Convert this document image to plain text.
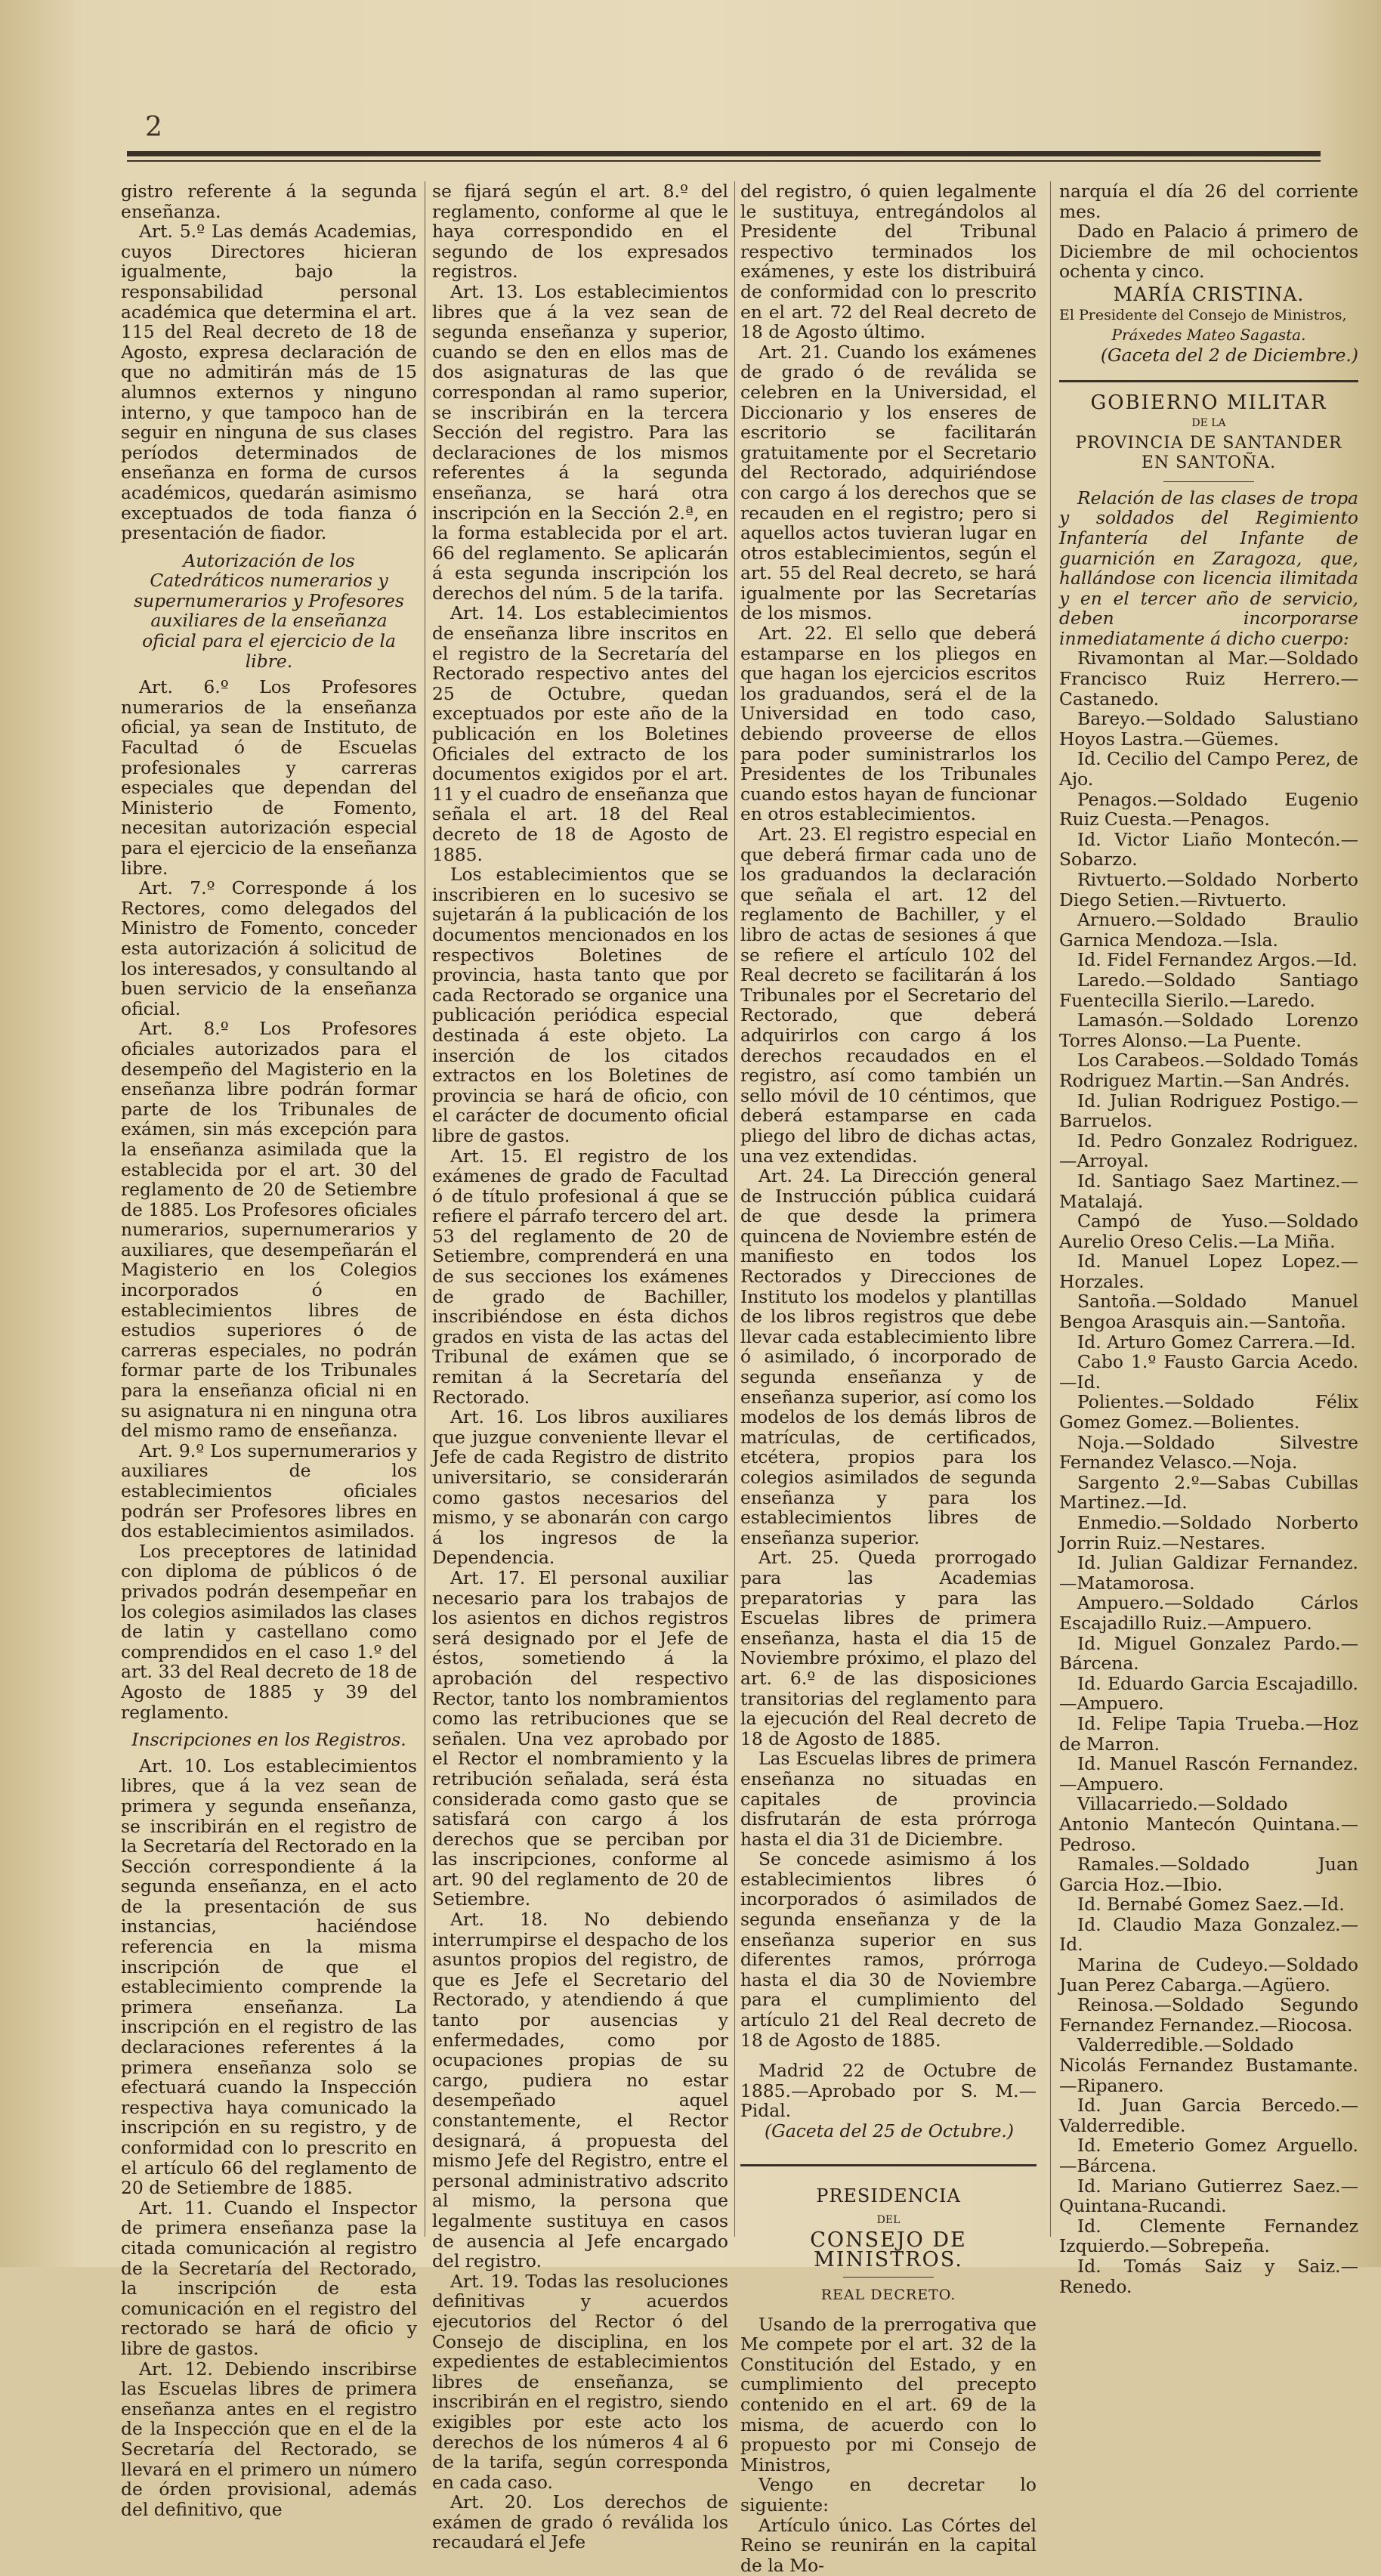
2

gistro referente á la segunda enseñanza.

Art. 5.º Las demás Academias, cuyos Directores hicieran igualmente, bajo la responsabilidad personal académica que determina el art. 115 del Real decreto de 18 de Agosto, expresa declaración de que no admitirán más de 15 alumnos externos y ninguno interno, y que tampoco han de seguir en ninguna de sus clases períodos determinados de enseñanza en forma de cursos académicos, quedarán asimismo exceptuados de toda fianza ó presentación de fiador.

Autorización de los Catedráticos numerarios y supernumerarios y Profesores auxiliares de la enseñanza oficial para el ejercicio de la libre.

Art. 6.º Los Profesores numerarios de la enseñanza oficial, ya sean de Instituto, de Facultad ó de Escuelas profesionales y carreras especiales que dependan del Ministerio de Fomento, necesitan autorización especial para el ejercicio de la enseñanza libre.

Art. 7.º Corresponde á los Rectores, como delegados del Ministro de Fomento, conceder esta autorización á solicitud de los interesados, y consultando al buen servicio de la enseñanza oficial.

Art. 8.º Los Profesores oficiales autorizados para el desempeño del Magisterio en la enseñanza libre podrán formar parte de los Tribunales de exámen, sin más excepción para la enseñanza asimilada que la establecida por el art. 30 del reglamento de 20 de Setiembre de 1885. Los Profesores oficiales numerarios, supernumerarios y auxiliares, que desempeñarán el Magisterio en los Colegios incorporados ó en establecimientos libres de estudios superiores ó de carreras especiales, no podrán formar parte de los Tribunales para la enseñanza oficial ni en su asignatura ni en ninguna otra del mismo ramo de enseñanza.

Art. 9.º Los supernumerarios y auxiliares de los establecimientos oficiales podrán ser Profesores libres en dos establecimientos asimilados.

Los preceptores de latinidad con diploma de públicos ó de privados podrán desempeñar en los colegios asimilados las clases de latin y castellano como comprendidos en el caso 1.º del art. 33 del Real decreto de 18 de Agosto de 1885 y 39 del reglamento.

Inscripciones en los Registros.

Art. 10. Los establecimientos libres, que á la vez sean de primera y segunda enseñanza, se inscribirán en el registro de la Secretaría del Rectorado en la Sección correspondiente á la segunda enseñanza, en el acto de la presentación de sus instancias, haciéndose referencia en la misma inscripción de que el establecimiento comprende la primera enseñanza. La inscripción en el registro de las declaraciones referentes á la primera enseñanza solo se efectuará cuando la Inspección respectiva haya comunicado la inscripción en su registro, y de conformidad con lo prescrito en el artículo 66 del reglamento de 20 de Setiembre de 1885.

Art. 11. Cuando el Inspector de primera enseñanza pase la citada comunicación al registro de la Secretaría del Rectorado, la inscripción de esta comunicación en el registro del rectorado se hará de oficio y libre de gastos.

Art. 12. Debiendo inscribirse las Escuelas libres de primera enseñanza antes en el registro de la Inspección que en el de la Secretaría del Rectorado, se llevará en el primero un número de órden provisional, además del definitivo, que

se fijará según el art. 8.º del reglamento, conforme al que le haya correspondido en el segundo de los expresados registros.

Art. 13. Los establecimientos libres que á la vez sean de segunda enseñanza y superior, cuando se den en ellos mas de dos asignaturas de las que correspondan al ramo superior, se inscribirán en la tercera Sección del registro. Para las declaraciones de los mismos referentes á la segunda enseñanza, se hará otra inscripción en la Sección 2.ª, en la forma establecida por el art. 66 del reglamento. Se aplicarán á esta segunda inscripción los derechos del núm. 5 de la tarifa.

Art. 14. Los establecimientos de enseñanza libre inscritos en el registro de la Secretaría del Rectorado respectivo antes del 25 de Octubre, quedan exceptuados por este año de la publicación en los Boletines Oficiales del extracto de los documentos exigidos por el art. 11 y el cuadro de enseñanza que señala el art. 18 del Real decreto de 18 de Agosto de 1885.

Los establecimientos que se inscribieren en lo sucesivo se sujetarán á la publicación de los documentos mencionados en los respectivos Boletines de provincia, hasta tanto que por cada Rectorado se organice una publicación periódica especial destinada á este objeto. La inserción de los citados extractos en los Boletines de provincia se hará de oficio, con el carácter de documento oficial libre de gastos.

Art. 15. El registro de los exámenes de grado de Facultad ó de título profesional á que se refiere el párrafo tercero del art. 53 del reglamento de 20 de Setiembre, comprenderá en una de sus secciones los exámenes de grado de Bachiller, inscribiéndose en ésta dichos grados en vista de las actas del Tribunal de exámen que se remitan á la Secretaría del Rectorado.

Art. 16. Los libros auxiliares que juzgue conveniente llevar el Jefe de cada Registro de distrito universitario, se considerarán como gastos necesarios del mismo, y se abonarán con cargo á los ingresos de la Dependencia.

Art. 17. El personal auxiliar necesario para los trabajos de los asientos en dichos registros será designado por el Jefe de éstos, sometiendo á la aprobación del respectivo Rector, tanto los nombramientos como las retribuciones que se señalen. Una vez aprobado por el Rector el nombramiento y la retribución señalada, será ésta considerada como gasto que se satisfará con cargo á los derechos que se perciban por las inscripciones, conforme al art. 90 del reglamento de 20 de Setiembre.

Art. 18. No debiendo interrumpirse el despacho de los asuntos propios del registro, de que es Jefe el Secretario del Rectorado, y atendiendo á que tanto por ausencias y enfermedades, como por ocupaciones propias de su cargo, pudiera no estar desempeñado aquel constantemente, el Rector designará, á propuesta del mismo Jefe del Registro, entre el personal administrativo adscrito al mismo, la persona que legalmente sustituya en casos de ausencia al Jefe encargado del registro.

Art. 19. Todas las resoluciones definitivas y acuerdos ejecutorios del Rector ó del Consejo de disciplina, en los expedientes de establecimientos libres de enseñanza, se inscribirán en el registro, siendo exigibles por este acto los derechos de los números 4 al 6 de la tarifa, según corresponda en cada caso.

Art. 20. Los derechos de exámen de grado ó reválida los recaudará el Jefe

del registro, ó quien legalmente le sustituya, entregándolos al Presidente del Tribunal respectivo terminados los exámenes, y este los distribuirá de conformidad con lo prescrito en el art. 72 del Real decreto de 18 de Agosto último.

Art. 21. Cuando los exámenes de grado ó de reválida se celebren en la Universidad, el Diccionario y los enseres de escritorio se facilitarán gratuitamente por el Secretario del Rectorado, adquiriéndose con cargo á los derechos que se recauden en el registro; pero si aquellos actos tuvieran lugar en otros establecimientos, según el art. 55 del Real decreto, se hará igualmente por las Secretarías de los mismos.

Art. 22. El sello que deberá estamparse en los pliegos en que hagan los ejercicios escritos los graduandos, será el de la Universidad en todo caso, debiendo proveerse de ellos para poder suministrarlos los Presidentes de los Tribunales cuando estos hayan de funcionar en otros establecimientos.

Art. 23. El registro especial en que deberá firmar cada uno de los graduandos la declaración que señala el art. 12 del reglamento de Bachiller, y el libro de actas de sesiones á que se refiere el artículo 102 del Real decreto se facilitarán á los Tribunales por el Secretario del Rectorado, que deberá adquirirlos con cargo á los derechos recaudados en el registro, así como también un sello móvil de 10 céntimos, que deberá estamparse en cada pliego del libro de dichas actas, una vez extendidas.

Art. 24. La Dirección general de Instrucción pública cuidará de que desde la primera quincena de Noviembre estén de manifiesto en todos los Rectorados y Direcciones de Instituto los modelos y plantillas de los libros registros que debe llevar cada establecimiento libre ó asimilado, ó incorporado de segunda enseñanza y de enseñanza superior, así como los modelos de los demás libros de matrículas, de certificados, etcétera, propios para los colegios asimilados de segunda enseñanza y para los establecimientos libres de enseñanza superior.

Art. 25. Queda prorrogado para las Academias preparatorias y para las Escuelas libres de primera enseñanza, hasta el dia 15 de Noviembre próximo, el plazo del art. 6.º de las disposiciones transitorias del reglamento para la ejecución del Real decreto de 18 de Agosto de 1885.

Las Escuelas libres de primera enseñanza no situadas en capitales de provincia disfrutarán de esta prórroga hasta el dia 31 de Diciembre.

Se concede asimismo á los establecimientos libres ó incorporados ó asimilados de segunda enseñanza y de la enseñanza superior en sus diferentes ramos, prórroga hasta el dia 30 de Noviembre para el cumplimiento del artículo 21 del Real decreto de 18 de Agosto de 1885.

Madrid 22 de Octubre de 1885.—Aprobado por S. M.—Pidal.

(Gaceta del 25 de Octubre.)

PRESIDENCIA

DEL

CONSEJO DE MINISTROS.

REAL DECRETO.

Usando de la prerrogativa que Me compete por el art. 32 de la Constitución del Estado, y en cumplimiento del precepto contenido en el art. 69 de la misma, de acuerdo con lo propuesto por mi Consejo de Ministros,

Vengo en decretar lo siguiente:

Artículo único. Las Córtes del Reino se reunirán en la capital de la Mo-

narquía el día 26 del corriente mes.

Dado en Palacio á primero de Diciembre de mil ochocientos ochenta y cinco.

MARÍA CRISTINA.

El Presidente del Consejo de Ministros,

Práxedes Mateo Sagasta.

(Gaceta del 2 de Diciembre.)

GOBIERNO MILITAR

DE LA

PROVINCIA DE SANTANDER EN SANTOÑA.

Relación de las clases de tropa y soldados del Regimiento Infantería del Infante de guarnición en Zaragoza, que, hallándose con licencia ilimitada y en el tercer año de servicio, deben incorporarse inmediatamente á dicho cuerpo:

Rivamontan al Mar.—Soldado Francisco Ruiz Herrero.—Castanedo.

Bareyo.—Soldado Salustiano Hoyos Lastra.—Güemes.

Id. Cecilio del Campo Perez, de Ajo.

Penagos.—Soldado Eugenio Ruiz Cuesta.—Penagos.

Id. Victor Liaño Montecón.—Sobarzo.

Rivtuerto.—Soldado Norberto Diego Setien.—Rivtuerto.

Arnuero.—Soldado Braulio Garnica Mendoza.—Isla.

Id. Fidel Fernandez Argos.—Id.

Laredo.—Soldado Santiago Fuentecilla Sierilo.—Laredo.

Lamasón.—Soldado Lorenzo Torres Alonso.—La Puente.

Los Carabeos.—Soldado Tomás Rodriguez Martin.—San Andrés.

Id. Julian Rodriguez Postigo.—Barruelos.

Id. Pedro Gonzalez Rodriguez.—Arroyal.

Id. Santiago Saez Martinez.—Matalajá.

Campó de Yuso.—Soldado Aurelio Oreso Celis.—La Miña.

Id. Manuel Lopez Lopez.—Horzales.

Santoña.—Soldado Manuel Bengoa Arasquis ain.—Santoña.

Id. Arturo Gomez Carrera.—Id.

Cabo 1.º Fausto Garcia Acedo.—Id.

Polientes.—Soldado Félix Gomez Gomez.—Bolientes.

Noja.—Soldado Silvestre Fernandez Velasco.—Noja.

Sargento 2.º—Sabas Cubillas Martinez.—Id.

Enmedio.—Soldado Norberto Jorrin Ruiz.—Nestares.

Id. Julian Galdizar Fernandez.—Matamorosa.

Ampuero.—Soldado Cárlos Escajadillo Ruiz.—Ampuero.

Id. Miguel Gonzalez Pardo.—Bárcena.

Id. Eduardo Garcia Escajadillo.—Ampuero.

Id. Felipe Tapia Trueba.—Hoz de Marron.

Id. Manuel Rascón Fernandez.—Ampuero.

Villacarriedo.—Soldado Antonio Mantecón Quintana.—Pedroso.

Ramales.—Soldado Juan Garcia Hoz.—Ibio.

Id. Bernabé Gomez Saez.—Id.

Id. Claudio Maza Gonzalez.—Id.

Marina de Cudeyo.—Soldado Juan Perez Cabarga.—Agüero.

Reinosa.—Soldado Segundo Fernandez Fernandez.—Riocosa.

Valderredible.—Soldado Nicolás Fernandez Bustamante.—Ripanero.

Id. Juan Garcia Bercedo.—Valderredible.

Id. Emeterio Gomez Arguello.—Bárcena.

Id. Mariano Gutierrez Saez.—Quintana-Rucandi.

Id. Clemente Fernandez Izquierdo.—Sobrepeña.

Id. Tomás Saiz y Saiz.—Renedo.
